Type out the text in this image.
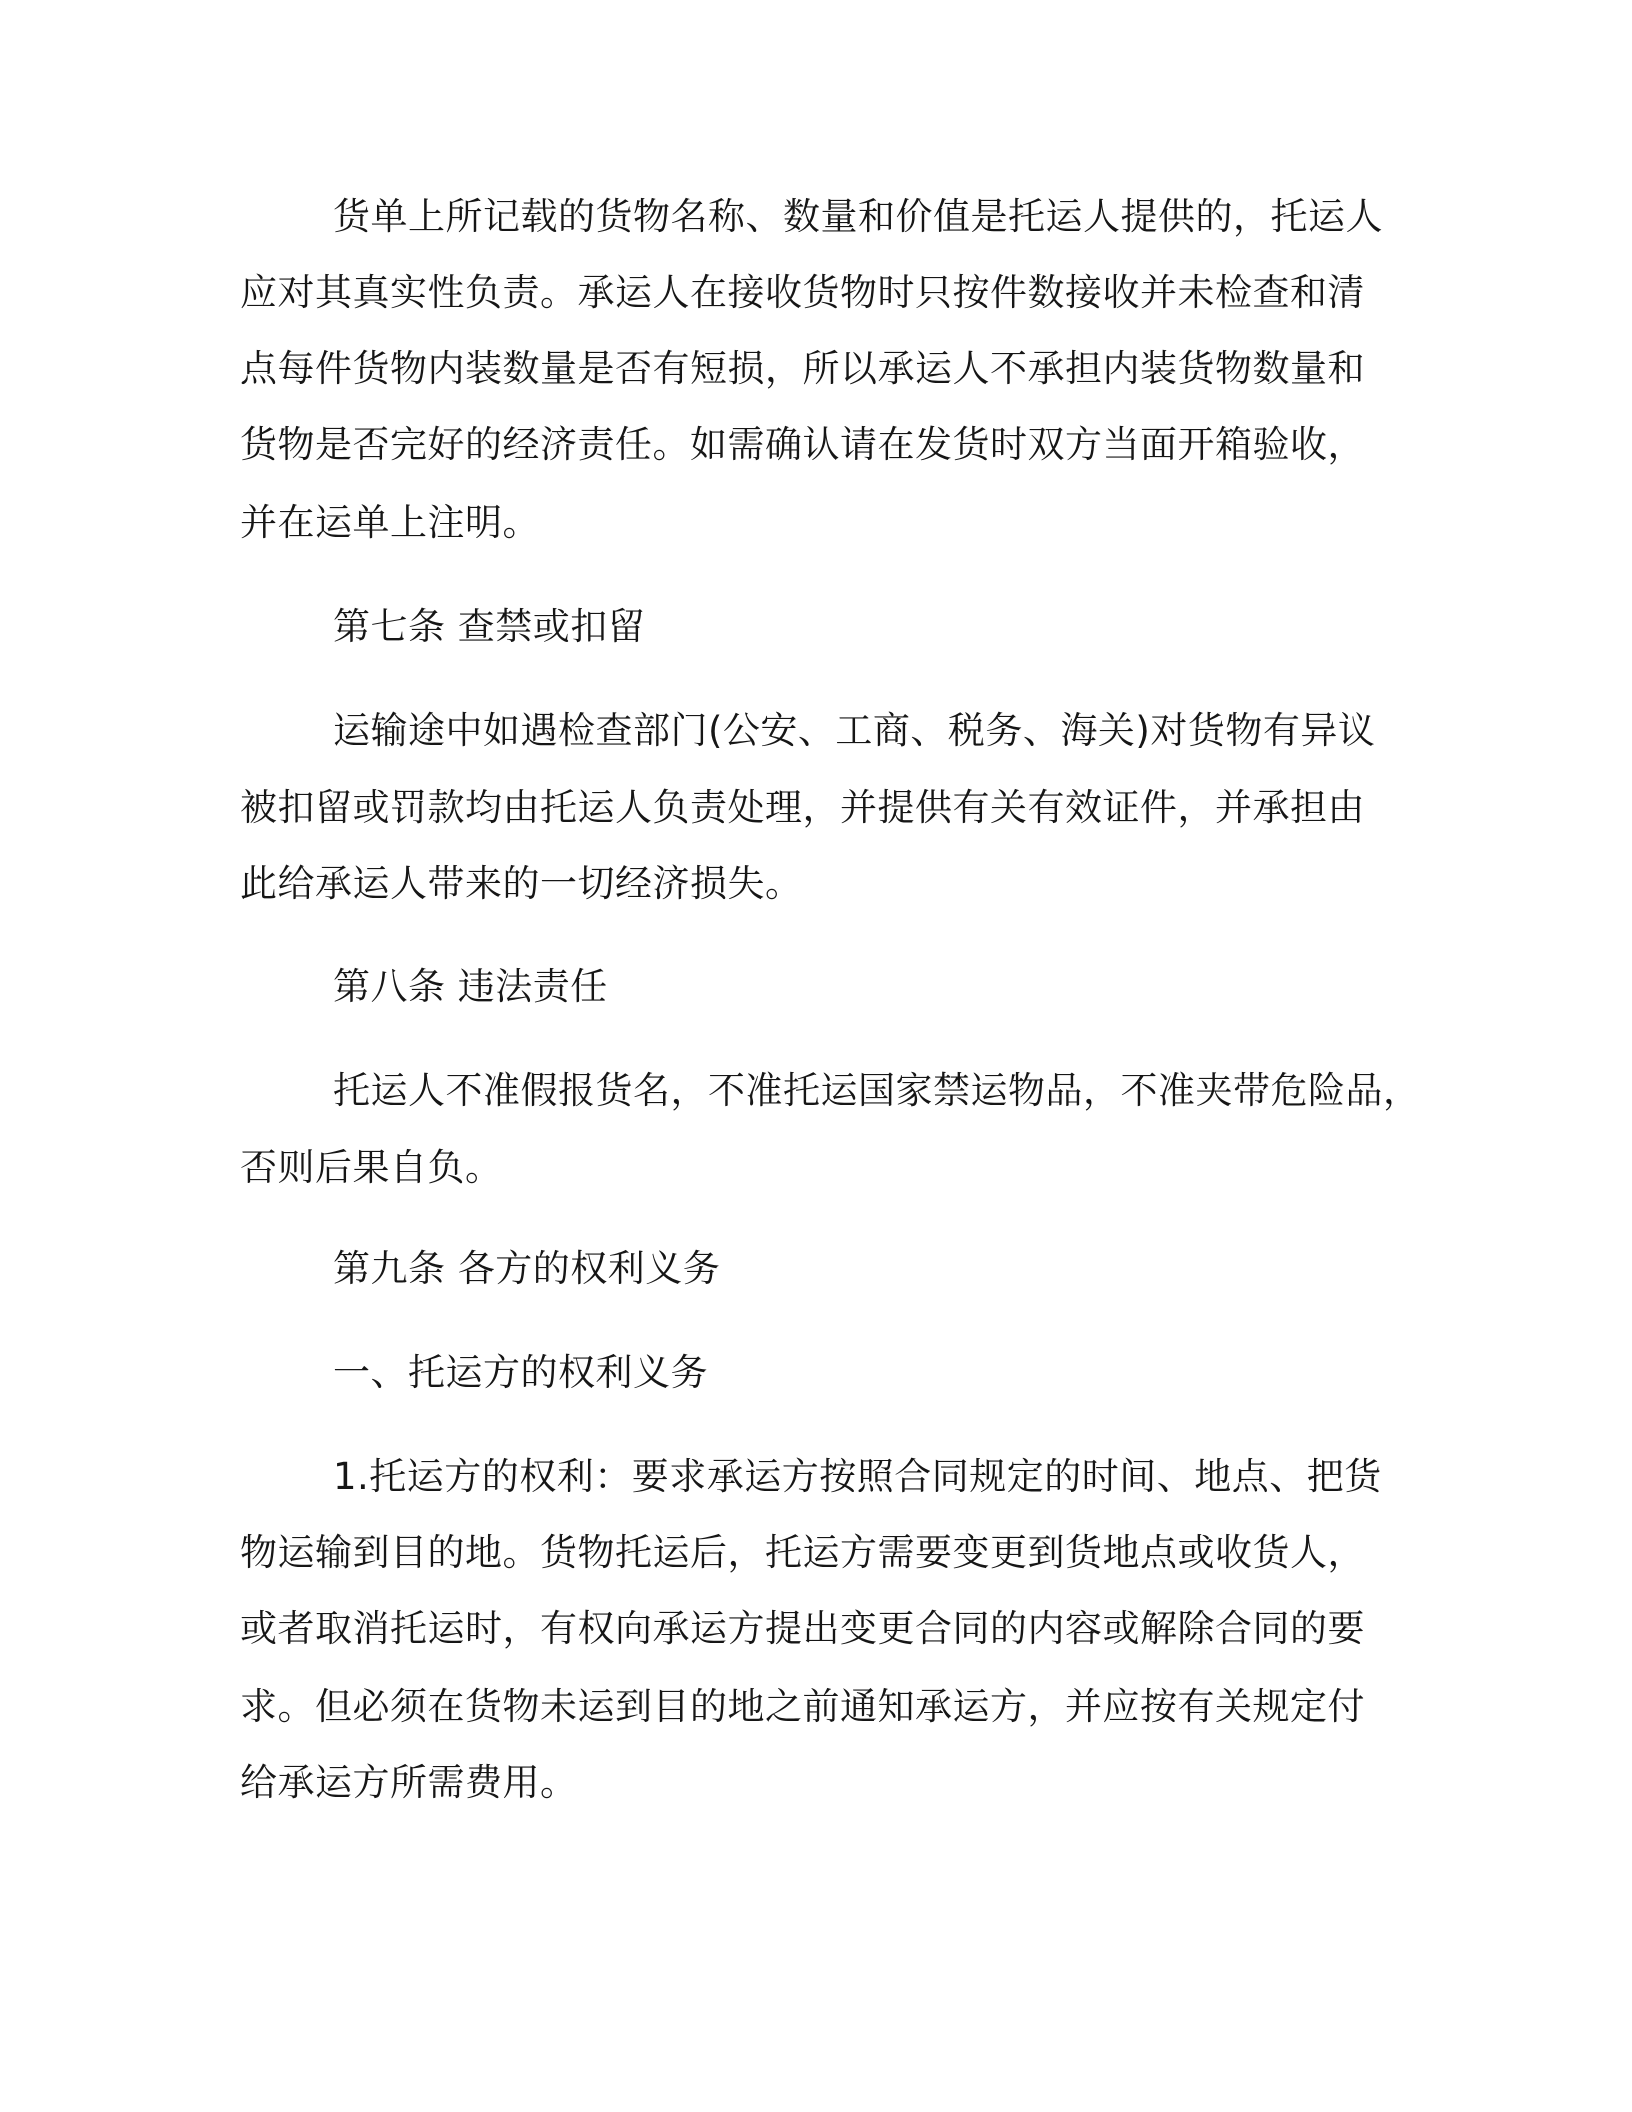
货单上所记载的货物名称、数量和价值是托运人提供的，托运人
应对其真实性负责。承运人在接收货物时只按件数接收并未检查和清
点每件货物内装数量是否有短损，所以承运人不承担内装货物数量和
货物是否完好的经济责任。如需确认请在发货时双方当面开箱验收，
并在运单上注明。
第七条 查禁或扣留
运输途中如遇检查部门(公安、工商、税务、海关)对货物有异议
被扣留或罚款均由托运人负责处理，并提供有关有效证件，并承担由
此给承运人带来的一切经济损失。
第八条 违法责任
托运人不准假报货名，不准托运国家禁运物品，不准夹带危险品，
否则后果自负。
第九条 各方的权利义务
一、托运方的权利义务
1.托运方的权利：要求承运方按照合同规定的时间、地点、把货
物运输到目的地。货物托运后，托运方需要变更到货地点或收货人，
或者取消托运时，有权向承运方提出变更合同的内容或解除合同的要
求。但必须在货物未运到目的地之前通知承运方，并应按有关规定付
给承运方所需费用。
